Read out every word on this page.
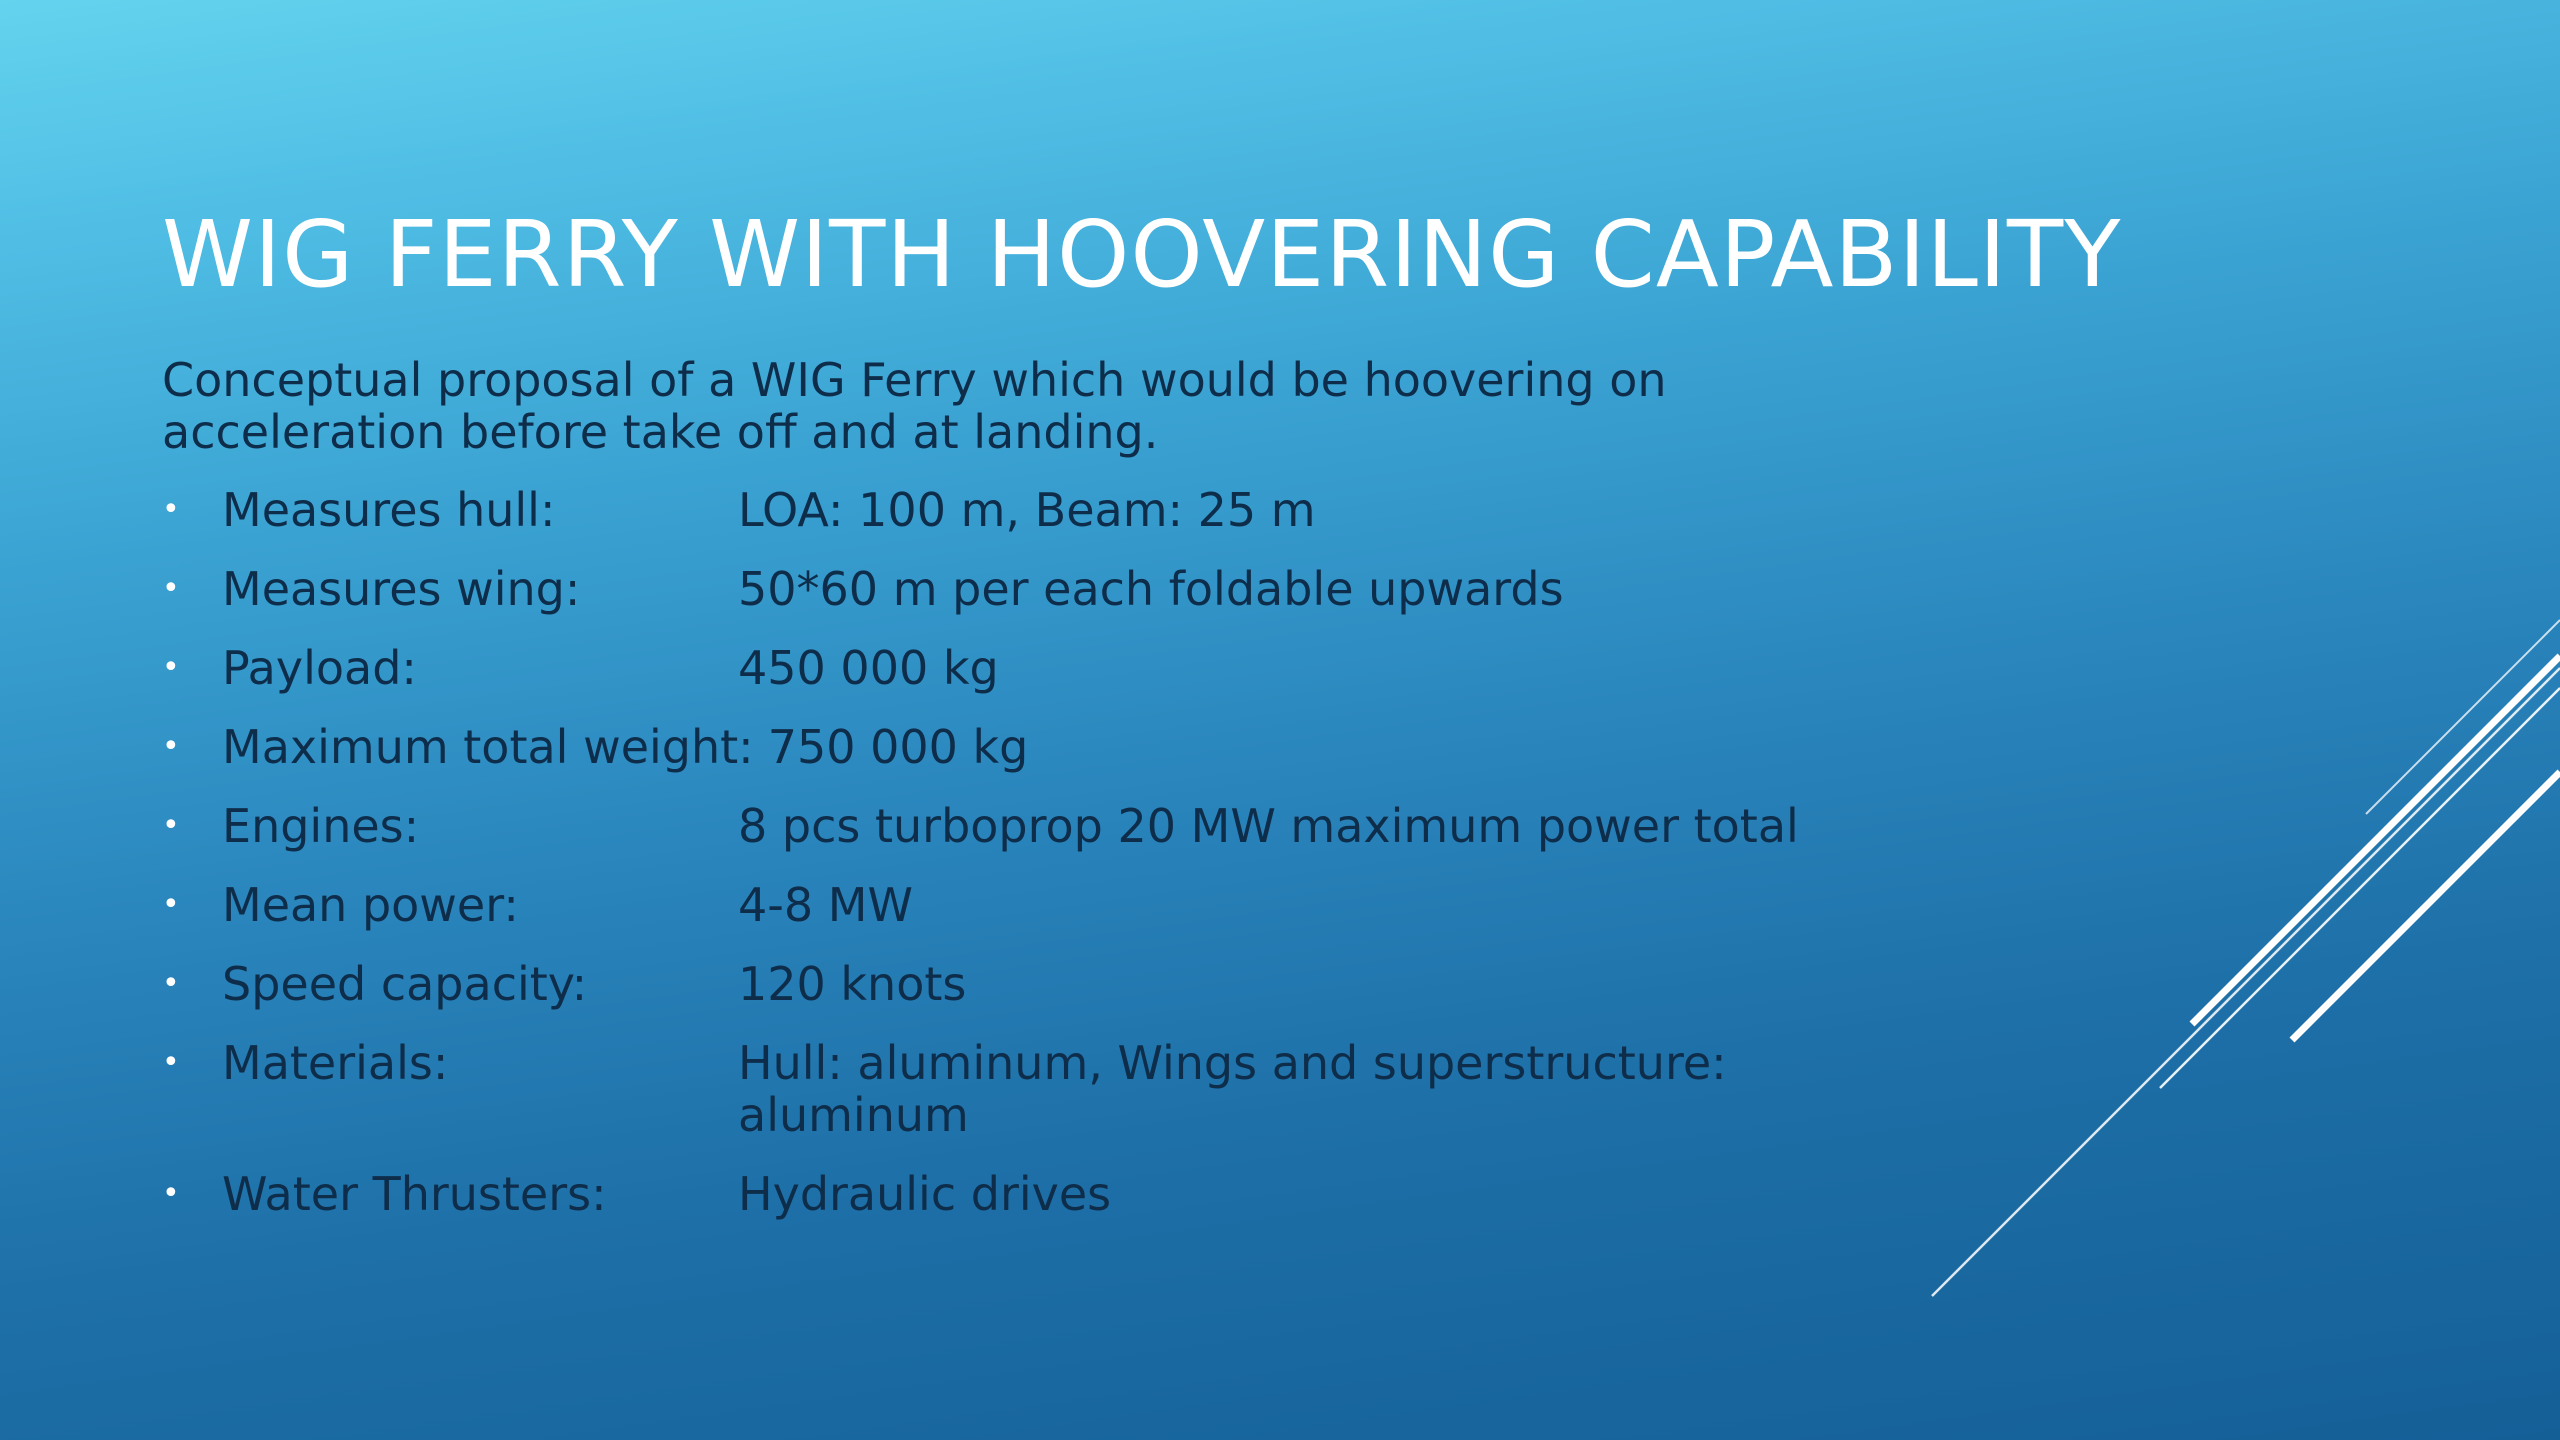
WIG FERRY WITH HOOVERING CAPABILITY

Conceptual proposal of a WIG Ferry which would be hoovering on acceleration before take off and at landing.

• Measures hull:	LOA: 100 m, Beam: 25 m
• Measures wing:	50*60 m per each foldable upwards
• Payload:	450 000 kg
• Maximum total weight: 750 000 kg
• Engines:	8 pcs turboprop 20 MW maximum power total
• Mean power:	4-8 MW
• Speed capacity:	120 knots
• Materials:	Hull: aluminum, Wings and superstructure: aluminum
• Water Thrusters:	Hydraulic drives
